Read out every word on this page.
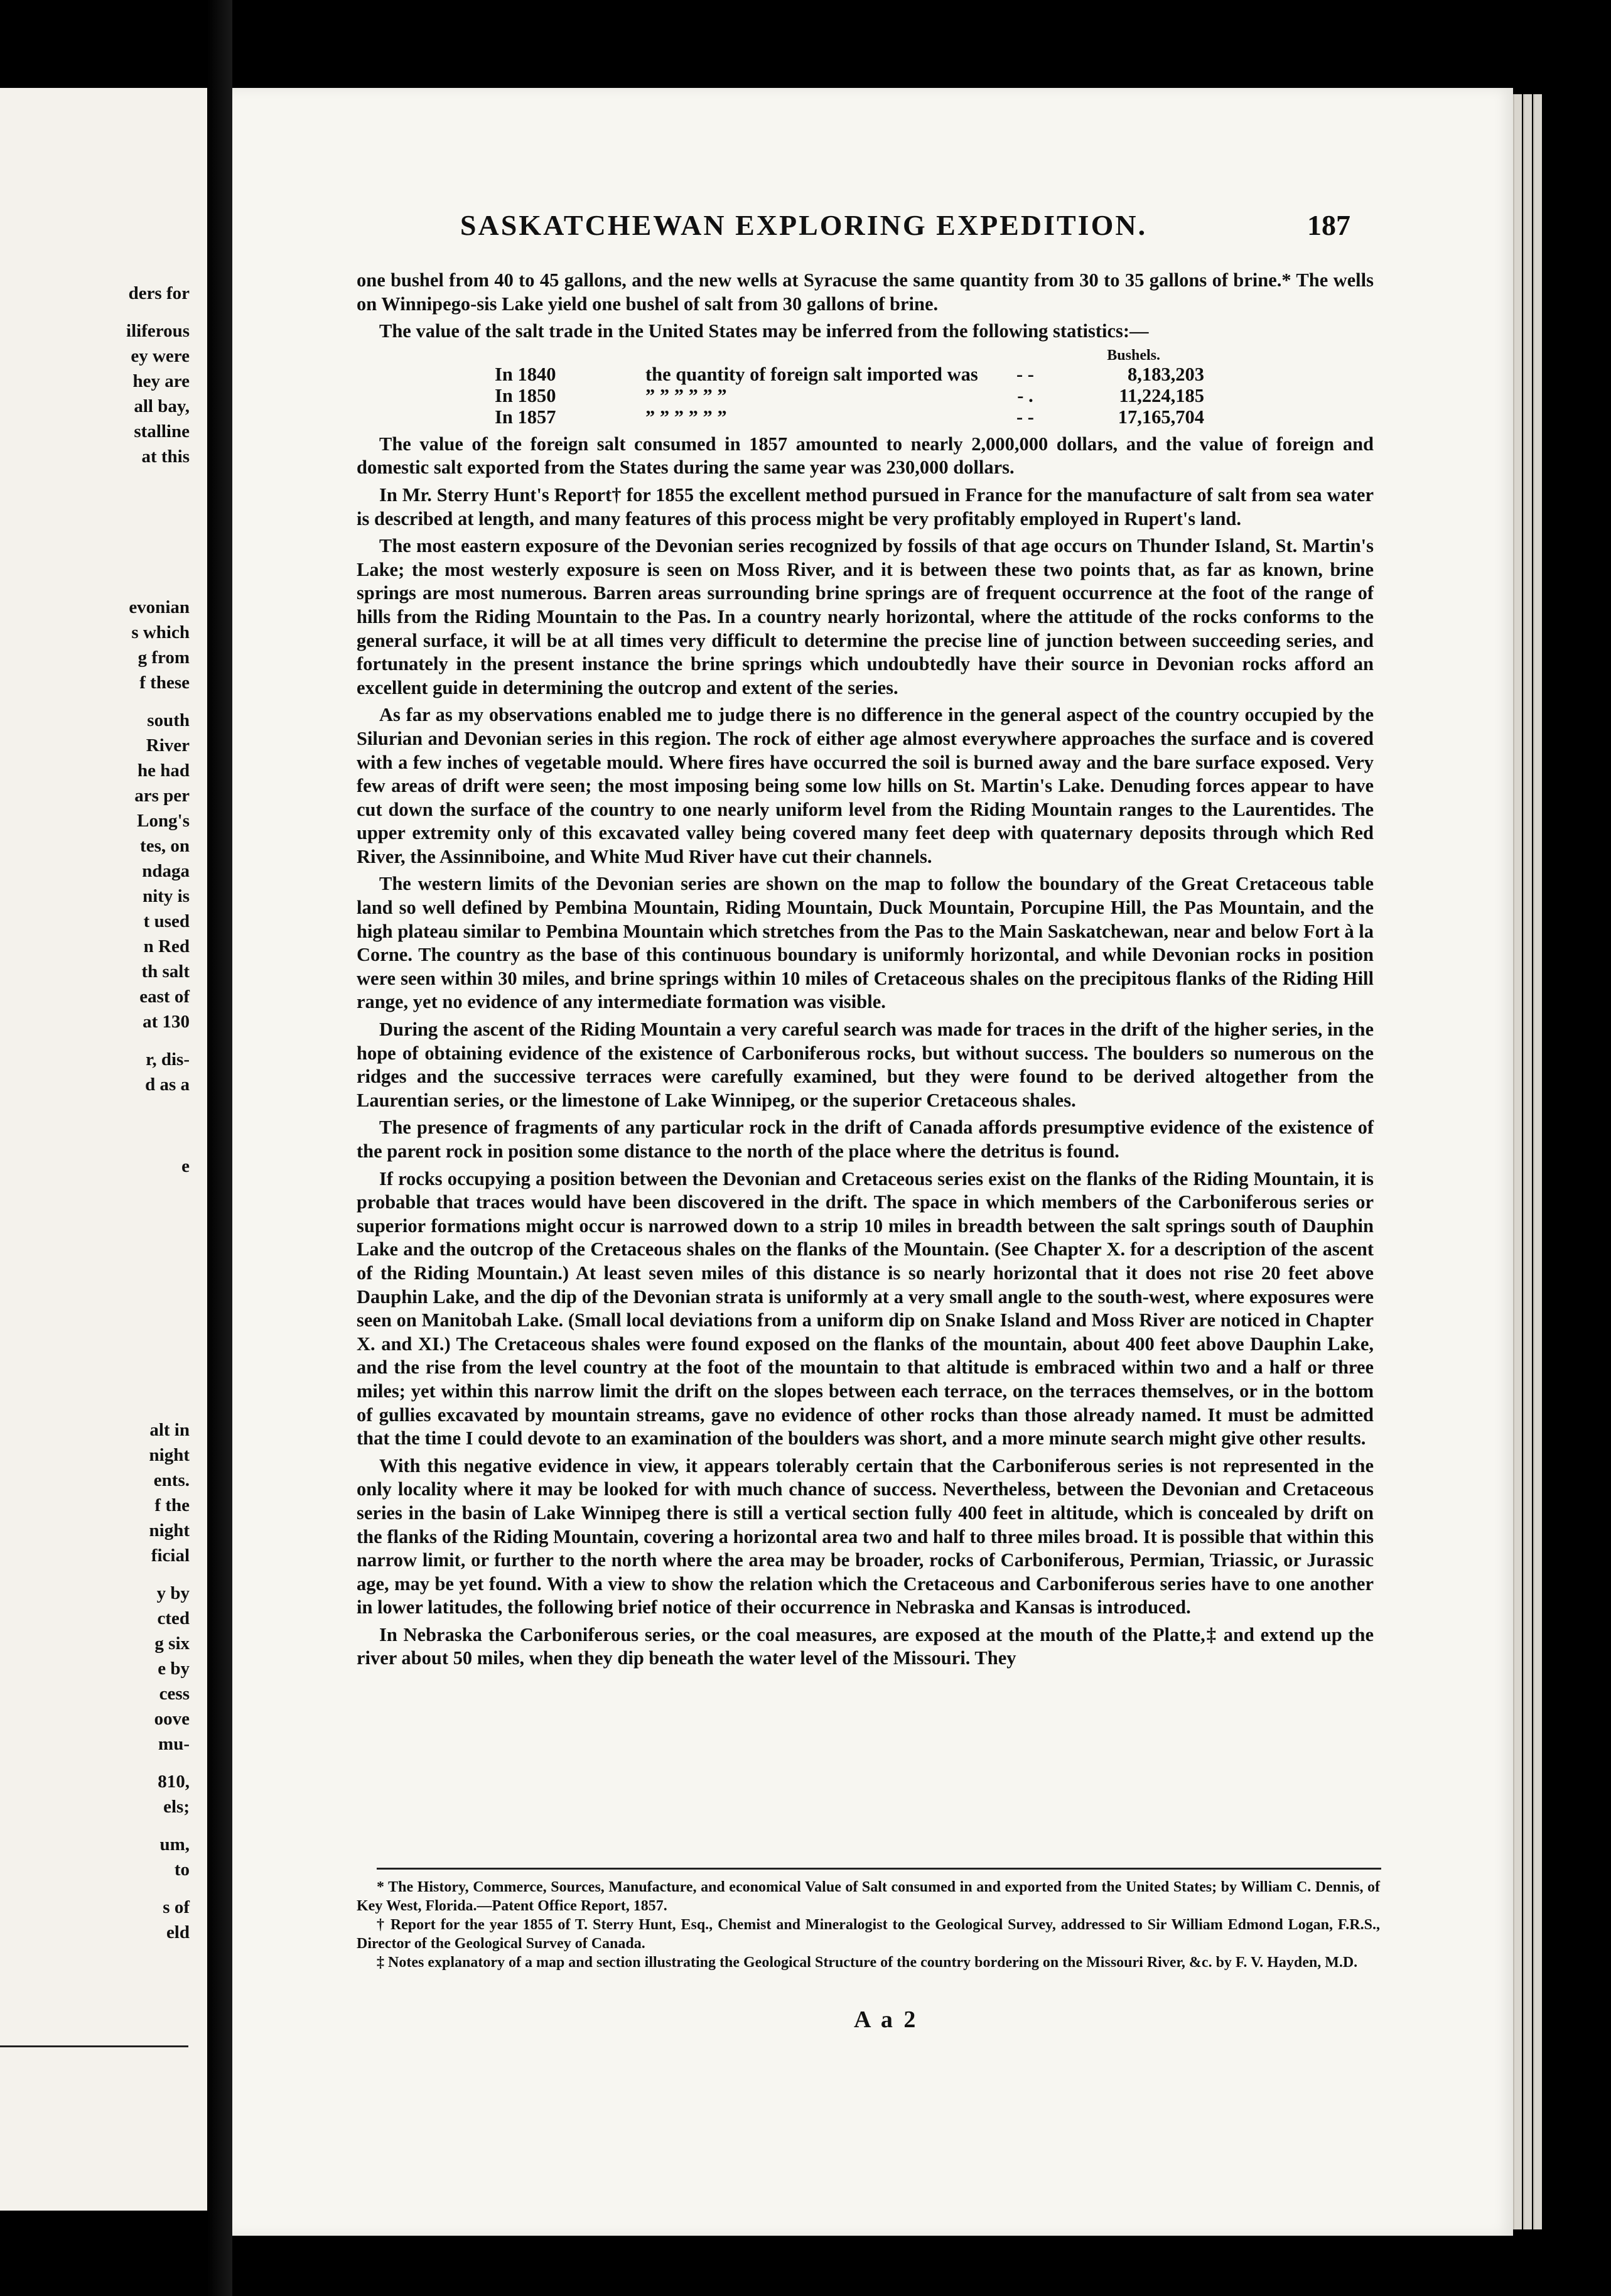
ders for
iliferous
ey were
hey are
all bay,
stalline
at this
evonian
s which
g from
f these
south
River
he had
ars per
Long's
tes, on
ndaga
nity is
t used
n Red
th salt
east of
at 130
r, dis-
d as a
e
alt in
night
ents.
f the
night
ficial
y by
cted
g six
e by
cess
oove
mu-
810,
els;
um,
to
s of
eld
SASKATCHEWAN EXPLORING EXPEDITION.	187

one bushel from 40 to 45 gallons, and the new wells at Syracuse the same quantity from 30 to 35 gallons of brine.* The wells on Winnipego-sis Lake yield one bushel of salt from 30 gallons of brine.

The value of the salt trade in the United States may be inferred from the following statistics:—

Bushels.
In 1840	the quantity of foreign salt imported was	- -	8,183,203
In 1850	” ” ” ” ” ”	- .	11,224,185
In 1857	” ” ” ” ” ”	- -	17,165,704

The value of the foreign salt consumed in 1857 amounted to nearly 2,000,000 dollars, and the value of foreign and domestic salt exported from the States during the same year was 230,000 dollars.

In Mr. Sterry Hunt's Report† for 1855 the excellent method pursued in France for the manufacture of salt from sea water is described at length, and many features of this process might be very profitably employed in Rupert's land.

The most eastern exposure of the Devonian series recognized by fossils of that age occurs on Thunder Island, St. Martin's Lake; the most westerly exposure is seen on Moss River, and it is between these two points that, as far as known, brine springs are most numerous. Barren areas surrounding brine springs are of frequent occurrence at the foot of the range of hills from the Riding Mountain to the Pas. In a country nearly horizontal, where the attitude of the rocks conforms to the general surface, it will be at all times very difficult to determine the precise line of junction between succeeding series, and fortunately in the present instance the brine springs which undoubtedly have their source in Devonian rocks afford an excellent guide in determining the outcrop and extent of the series.

As far as my observations enabled me to judge there is no difference in the general aspect of the country occupied by the Silurian and Devonian series in this region. The rock of either age almost everywhere approaches the surface and is covered with a few inches of vegetable mould. Where fires have occurred the soil is burned away and the bare surface exposed. Very few areas of drift were seen; the most imposing being some low hills on St. Martin's Lake. Denuding forces appear to have cut down the surface of the country to one nearly uniform level from the Riding Mountain ranges to the Laurentides. The upper extremity only of this excavated valley being covered many feet deep with quaternary deposits through which Red River, the Assinniboine, and White Mud River have cut their channels.

The western limits of the Devonian series are shown on the map to follow the boundary of the Great Cretaceous table land so well defined by Pembina Mountain, Riding Mountain, Duck Mountain, Porcupine Hill, the Pas Mountain, and the high plateau similar to Pembina Mountain which stretches from the Pas to the Main Saskatchewan, near and below Fort à la Corne. The country as the base of this continuous boundary is uniformly horizontal, and while Devonian rocks in position were seen within 30 miles, and brine springs within 10 miles of Cretaceous shales on the precipitous flanks of the Riding Hill range, yet no evidence of any intermediate formation was visible.

During the ascent of the Riding Mountain a very careful search was made for traces in the drift of the higher series, in the hope of obtaining evidence of the existence of Carboniferous rocks, but without success. The boulders so numerous on the ridges and the successive terraces were carefully examined, but they were found to be derived altogether from the Laurentian series, or the limestone of Lake Winnipeg, or the superior Cretaceous shales.

The presence of fragments of any particular rock in the drift of Canada affords presumptive evidence of the existence of the parent rock in position some distance to the north of the place where the detritus is found.

If rocks occupying a position between the Devonian and Cretaceous series exist on the flanks of the Riding Mountain, it is probable that traces would have been discovered in the drift. The space in which members of the Carboniferous series or superior formations might occur is narrowed down to a strip 10 miles in breadth between the salt springs south of Dauphin Lake and the outcrop of the Cretaceous shales on the flanks of the Mountain. (See Chapter X. for a description of the ascent of the Riding Mountain.) At least seven miles of this distance is so nearly horizontal that it does not rise 20 feet above Dauphin Lake, and the dip of the Devonian strata is uniformly at a very small angle to the south-west, where exposures were seen on Manitobah Lake. (Small local deviations from a uniform dip on Snake Island and Moss River are noticed in Chapter X. and XI.) The Cretaceous shales were found exposed on the flanks of the mountain, about 400 feet above Dauphin Lake, and the rise from the level country at the foot of the mountain to that altitude is embraced within two and a half or three miles; yet within this narrow limit the drift on the slopes between each terrace, on the terraces themselves, or in the bottom of gullies excavated by mountain streams, gave no evidence of other rocks than those already named. It must be admitted that the time I could devote to an examination of the boulders was short, and a more minute search might give other results.

With this negative evidence in view, it appears tolerably certain that the Carboniferous series is not represented in the only locality where it may be looked for with much chance of success. Nevertheless, between the Devonian and Cretaceous series in the basin of Lake Winnipeg there is still a vertical section fully 400 feet in altitude, which is concealed by drift on the flanks of the Riding Mountain, covering a horizontal area two and half to three miles broad. It is possible that within this narrow limit, or further to the north where the area may be broader, rocks of Carboniferous, Permian, Triassic, or Jurassic age, may be yet found. With a view to show the relation which the Cretaceous and Carboniferous series have to one another in lower latitudes, the following brief notice of their occurrence in Nebraska and Kansas is introduced.

In Nebraska the Carboniferous series, or the coal measures, are exposed at the mouth of the Platte,‡ and extend up the river about 50 miles, when they dip beneath the water level of the Missouri. They

* The History, Commerce, Sources, Manufacture, and economical Value of Salt consumed in and exported from the United States; by William C. Dennis, of Key West, Florida.—Patent Office Report, 1857.

† Report for the year 1855 of T. Sterry Hunt, Esq., Chemist and Mineralogist to the Geological Survey, addressed to Sir William Edmond Logan, F.R.S., Director of the Geological Survey of Canada.

‡ Notes explanatory of a map and section illustrating the Geological Structure of the country bordering on the Missouri River, &c. by F. V. Hayden, M.D.

A a 2
